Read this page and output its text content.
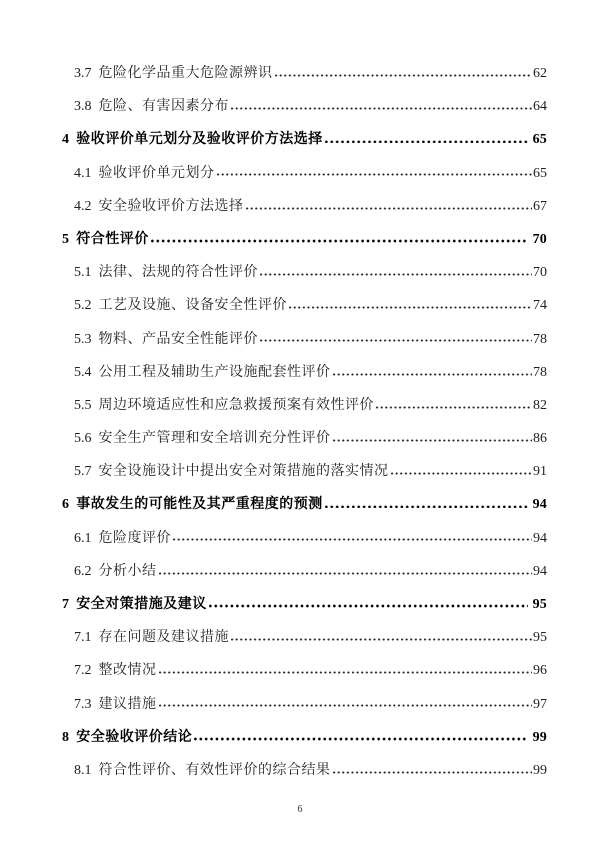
3.7 危险化学品重大危险源辨识	62
3.8 危险、有害因素分布	64
4 验收评价单元划分及验收评价方法选择	65
4.1 验收评价单元划分	65
4.2 安全验收评价方法选择	67
5 符合性评价	70
5.1 法律、法规的符合性评价	70
5.2 工艺及设施、设备安全性评价	74
5.3 物料、产品安全性能评价	78
5.4 公用工程及辅助生产设施配套性评价	78
5.5 周边环境适应性和应急救援预案有效性评价	82
5.6 安全生产管理和安全培训充分性评价	86
5.7 安全设施设计中提出安全对策措施的落实情况	91
6 事故发生的可能性及其严重程度的预测	94
6.1 危险度评价	94
6.2 分析小结	94
7 安全对策措施及建议	95
7.1 存在问题及建议措施	95
7.2 整改情况	96
7.3 建议措施	97
8 安全验收评价结论	99
8.1 符合性评价、有效性评价的综合结果	99
6
